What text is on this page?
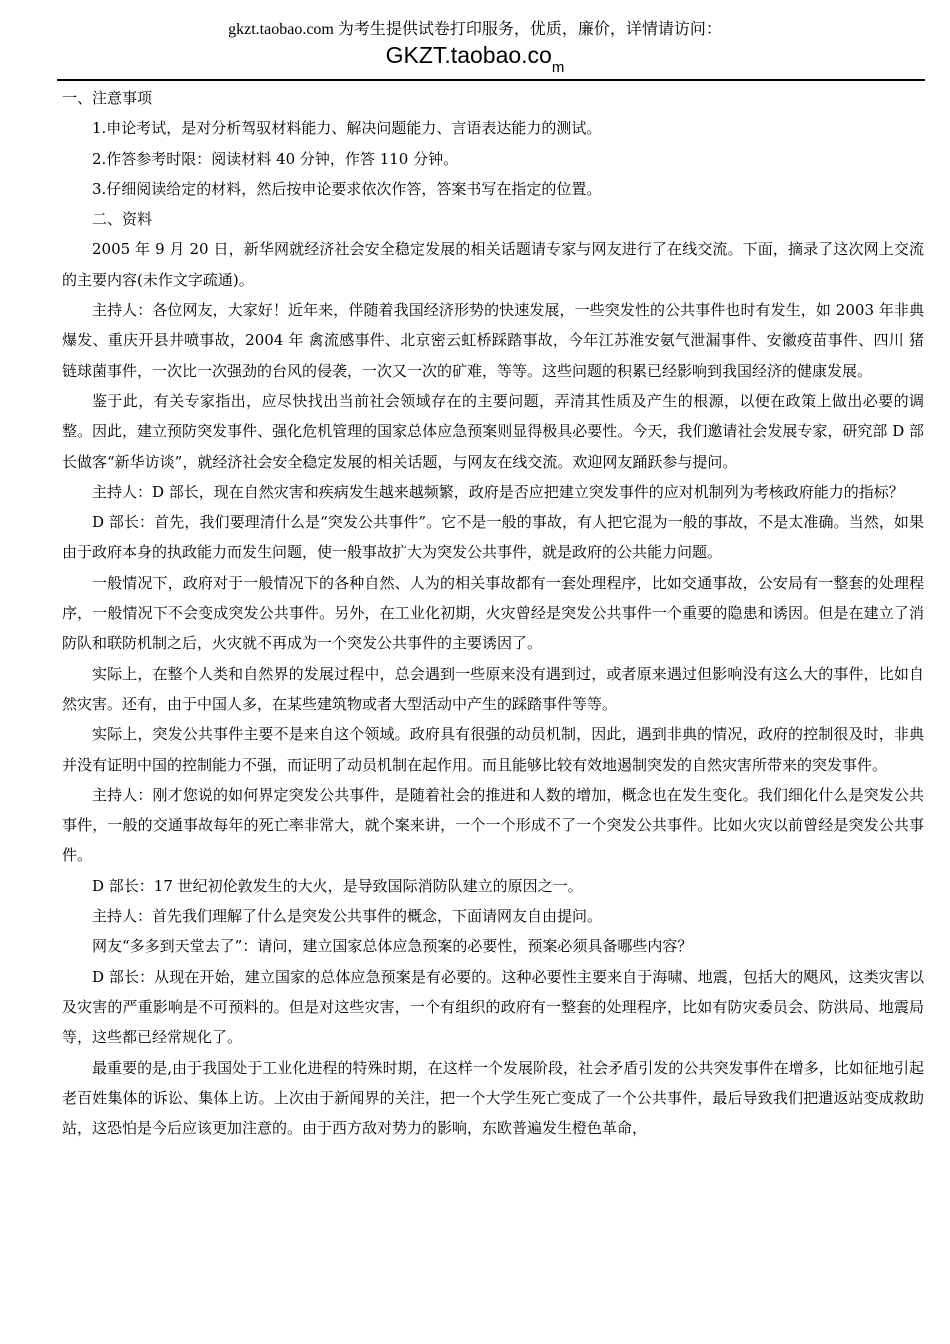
gkzt.taobao.com 为考生提供试卷打印服务，优质，廉价，详情请访问：
$GKZT.taobao.co_m$

一、注意事项

1.申论考试，是对分析驾驭材料能力、解决问题能力、言语表达能力的测试。

2.作答参考时限：阅读材料 40 分钟，作答 110 分钟。

3.仔细阅读给定的材料，然后按申论要求依次作答，答案书写在指定的位置。

二、资料

2005 年 9 月 20 日，新华网就经济社会安全稳定发展的相关话题请专家与网友进行了在线交流。下面，摘录了这次网上交流的主要内容(未作文字疏通)。

主持人：各位网友，大家好！近年来，伴随着我国经济形势的快速发展，一些突发性的公共事件也时有发生，如 2003 年非典爆发、重庆开县井喷事故，2004 年 禽流感事件、北京密云虹桥踩踏事故，今年江苏淮安氨气泄漏事件、安徽疫苗事件、四川 猪链球菌事件，一次比一次强劲的台风的侵袭，一次又一次的矿难，等等。这些问题的积累已经影响到我国经济的健康发展。

鉴于此，有关专家指出，应尽快找出当前社会领域存在的主要问题，弄清其性质及产生的根源，以便在政策上做出必要的调整。因此，建立预防突发事件、强化危机管理的国家总体应急预案则显得极具必要性。今天，我们邀请社会发展专家，研究部 D 部长做客“新华访谈”，就经济社会安全稳定发展的相关话题，与网友在线交流。欢迎网友踊跃参与提问。

主持人：D 部长，现在自然灾害和疾病发生越来越频繁，政府是否应把建立突发事件的应对机制列为考核政府能力的指标？

D 部长：首先，我们要理清什么是“突发公共事件”。它不是一般的事故，有人把它混为一般的事故，不是太准确。当然，如果由于政府本身的执政能力而发生问题，使一般事故扩大为突发公共事件，就是政府的公共能力问题。

一般情况下，政府对于一般情况下的各种自然、人为的相关事故都有一套处理程序，比如交通事故，公安局有一整套的处理程序，一般情况下不会变成突发公共事件。另外，在工业化初期，火灾曾经是突发公共事件一个重要的隐患和诱因。但是在建立了消防队和联防机制之后，火灾就不再成为一个突发公共事件的主要诱因了。

实际上，在整个人类和自然界的发展过程中，总会遇到一些原来没有遇到过，或者原来遇过但影响没有这么大的事件，比如自然灾害。还有，由于中国人多，在某些建筑物或者大型活动中产生的踩踏事件等等。

实际上，突发公共事件主要不是来自这个领域。政府具有很强的动员机制，因此，遇到非典的情况，政府的控制很及时，非典并没有证明中国的控制能力不强，而证明了动员机制在起作用。而且能够比较有效地遏制突发的自然灾害所带来的突发事件。

主持人：刚才您说的如何界定突发公共事件，是随着社会的推进和人数的增加，概念也在发生变化。我们细化什么是突发公共事件，一般的交通事故每年的死亡率非常大，就个案来讲，一个一个形成不了一个突发公共事件。比如火灾以前曾经是突发公共事件。

D 部长：17 世纪初伦敦发生的大火，是导致国际消防队建立的原因之一。

主持人：首先我们理解了什么是突发公共事件的概念，下面请网友自由提问。

网友“多多到天堂去了”：请问，建立国家总体应急预案的必要性，预案必须具备哪些内容？

D 部长：从现在开始，建立国家的总体应急预案是有必要的。这种必要性主要来自于海啸、地震，包括大的飓风，这类灾害以及灾害的严重影响是不可预料的。但是对这些灾害，一个有组织的政府有一整套的处理程序，比如有防灾委员会、防洪局、地震局等，这些都已经常规化了。

最重要的是,由于我国处于工业化进程的特殊时期，在这样一个发展阶段，社会矛盾引发的公共突发事件在增多，比如征地引起老百姓集体的诉讼、集体上访。上次由于新闻界的关注，把一个大学生死亡变成了一个公共事件，最后导致我们把遣返站变成救助站，这恐怕是今后应该更加注意的。由于西方敌对势力的影响，东欧普遍发生橙色革命，
